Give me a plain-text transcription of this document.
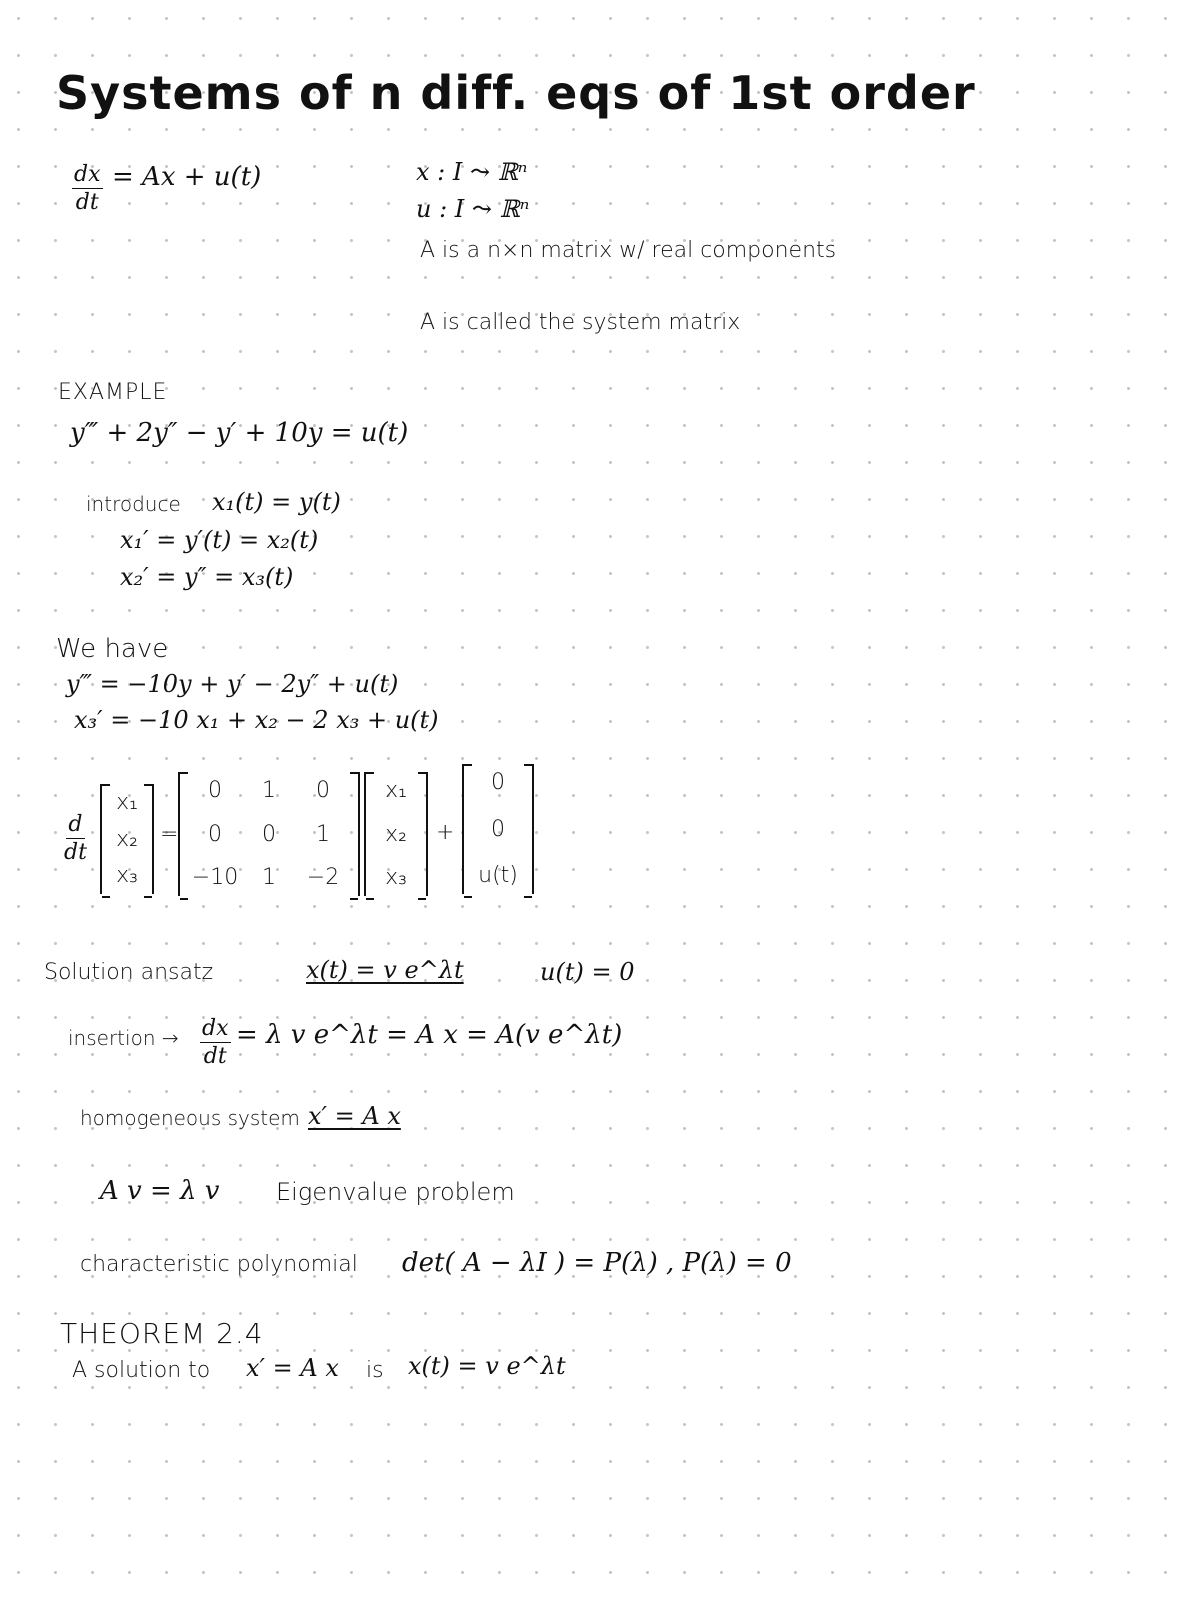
Systems of n diff. eqs of 1st order
$\frac{dx}{dt} = Ax + u(t)$	x : I ⤳ ℝⁿ
u : I ⤳ ℝⁿ
A is a n×n matrix w/ real components
A is called the system matrix
EXAMPLE
y‴ + 2y″ − y′ + 10y = u(t)
introduce x₁(t) = y(t)
x₁′ = y′(t) = x₂(t)
x₂′ = y″ = x₃(t)
We have
y‴ = −10y + y′ − 2y″ + u(t)
x₃′ = −10 x₁ + x₂ − 2 x₃ + u(t)
$\frac{d}{dt}$
x₁
x₂
x₃
=
0	1	0
0	0	1
−10	1	−2
x₁
x₂
x₃
+
0
0
u(t)
Solution ansatz	x(t) = v e^λt	u(t) = 0
insertion → $\frac{dx}{dt} = \lambda$ v e^λt = A x = A(v e^λt)
homogeneous system x′ = A x
A v = λ v Eigenvalue problem
characteristic polynomial det( A − λI ) = P(λ) , P(λ) = 0
THEOREM 2.4
A solution to x′ = A x is x(t) = v e^λt
